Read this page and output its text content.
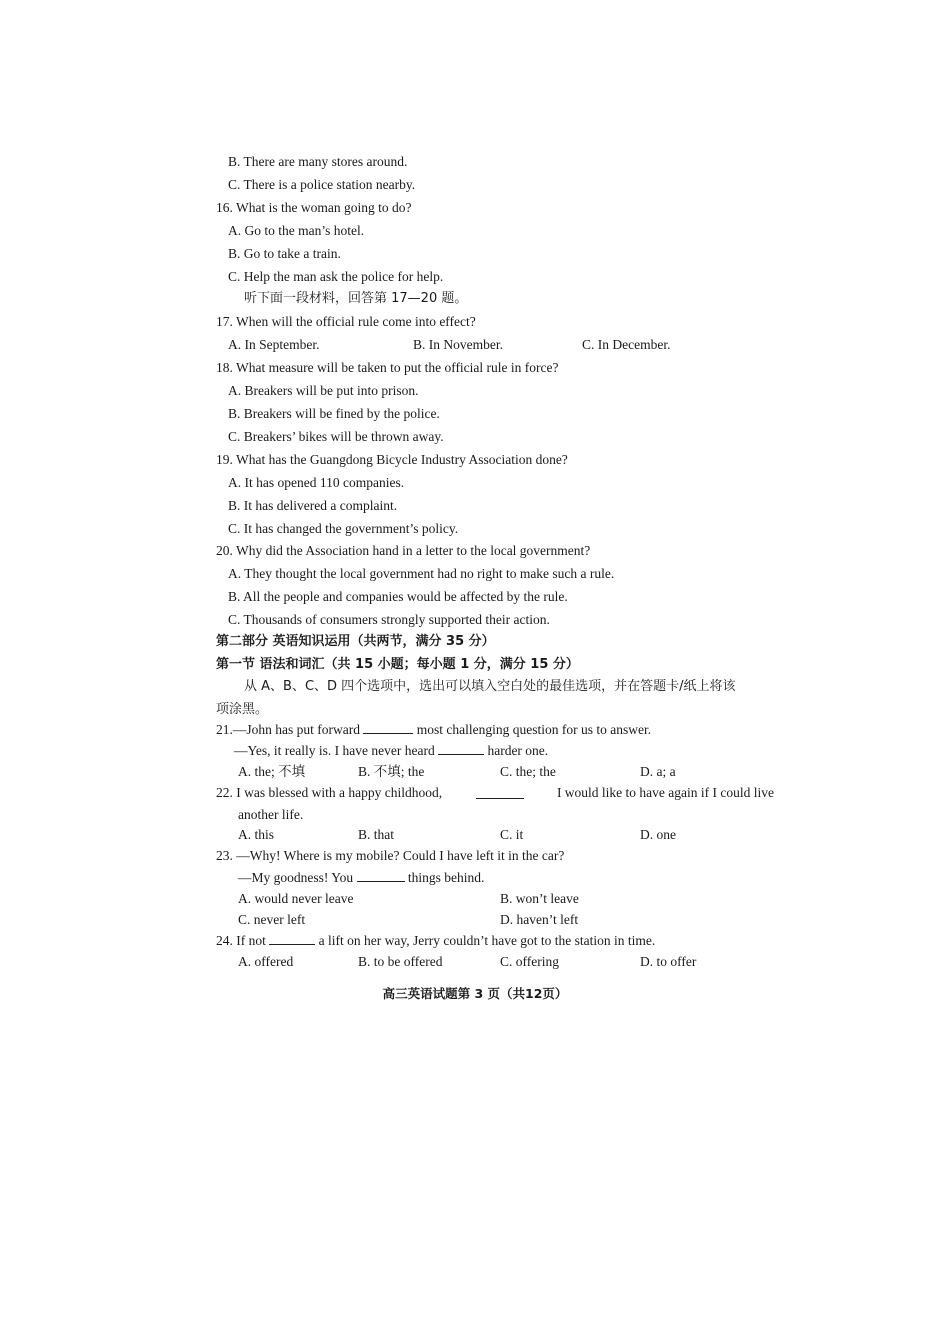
B. There are many stores around.
C. There is a police station nearby.
16. What is the woman going to do?
A. Go to the man’s hotel.
B. Go to take a train.
C. Help the man ask the police for help.
听下面一段材料，回答第 17—20 题。
17. When will the official rule come into effect?
A. In September.	B. In November.	C. In December.
18. What measure will be taken to put the official rule in force?
A. Breakers will be put into prison.
B. Breakers will be fined by the police.
C. Breakers’ bikes will be thrown away.
19. What has the Guangdong Bicycle Industry Association done?
A. It has opened 110 companies.
B. It has delivered a complaint.
C. It has changed the government’s policy.
20. Why did the Association hand in a letter to the local government?
A. They thought the local government had no right to make such a rule.
B. All the people and companies would be affected by the rule.
C. Thousands of consumers strongly supported their action.
第二部分 英语知识运用（共两节，满分 35 分）
第一节 语法和词汇（共 15 小题；每小题 1 分，满分 15 分）
从 A、B、C、D 四个选项中，选出可以填入空白处的最佳选项，并在答题卡/纸上将该
项涂黑。
21.—John has put forward	most challenging question for us to answer.
—Yes, it really is. I have never heard	harder one.
A. the; 不填	B. 不填; the	C. the; the	D. a; a
22. I was blessed with a happy childhood,	I would like to have again if I could live
another life.
A. this	B. that	C. it	D. one
23. —Why! Where is my mobile? Could I have left it in the car?
—My goodness! You	things behind.
A. would never leave	B. won’t leave
C. never left	D. haven’t left
24. If not	a lift on her way, Jerry couldn’t have got to the station in time.
A. offered	B. to be offered	C. offering	D. to offer
高三英语试题第 3 页（共12页）
